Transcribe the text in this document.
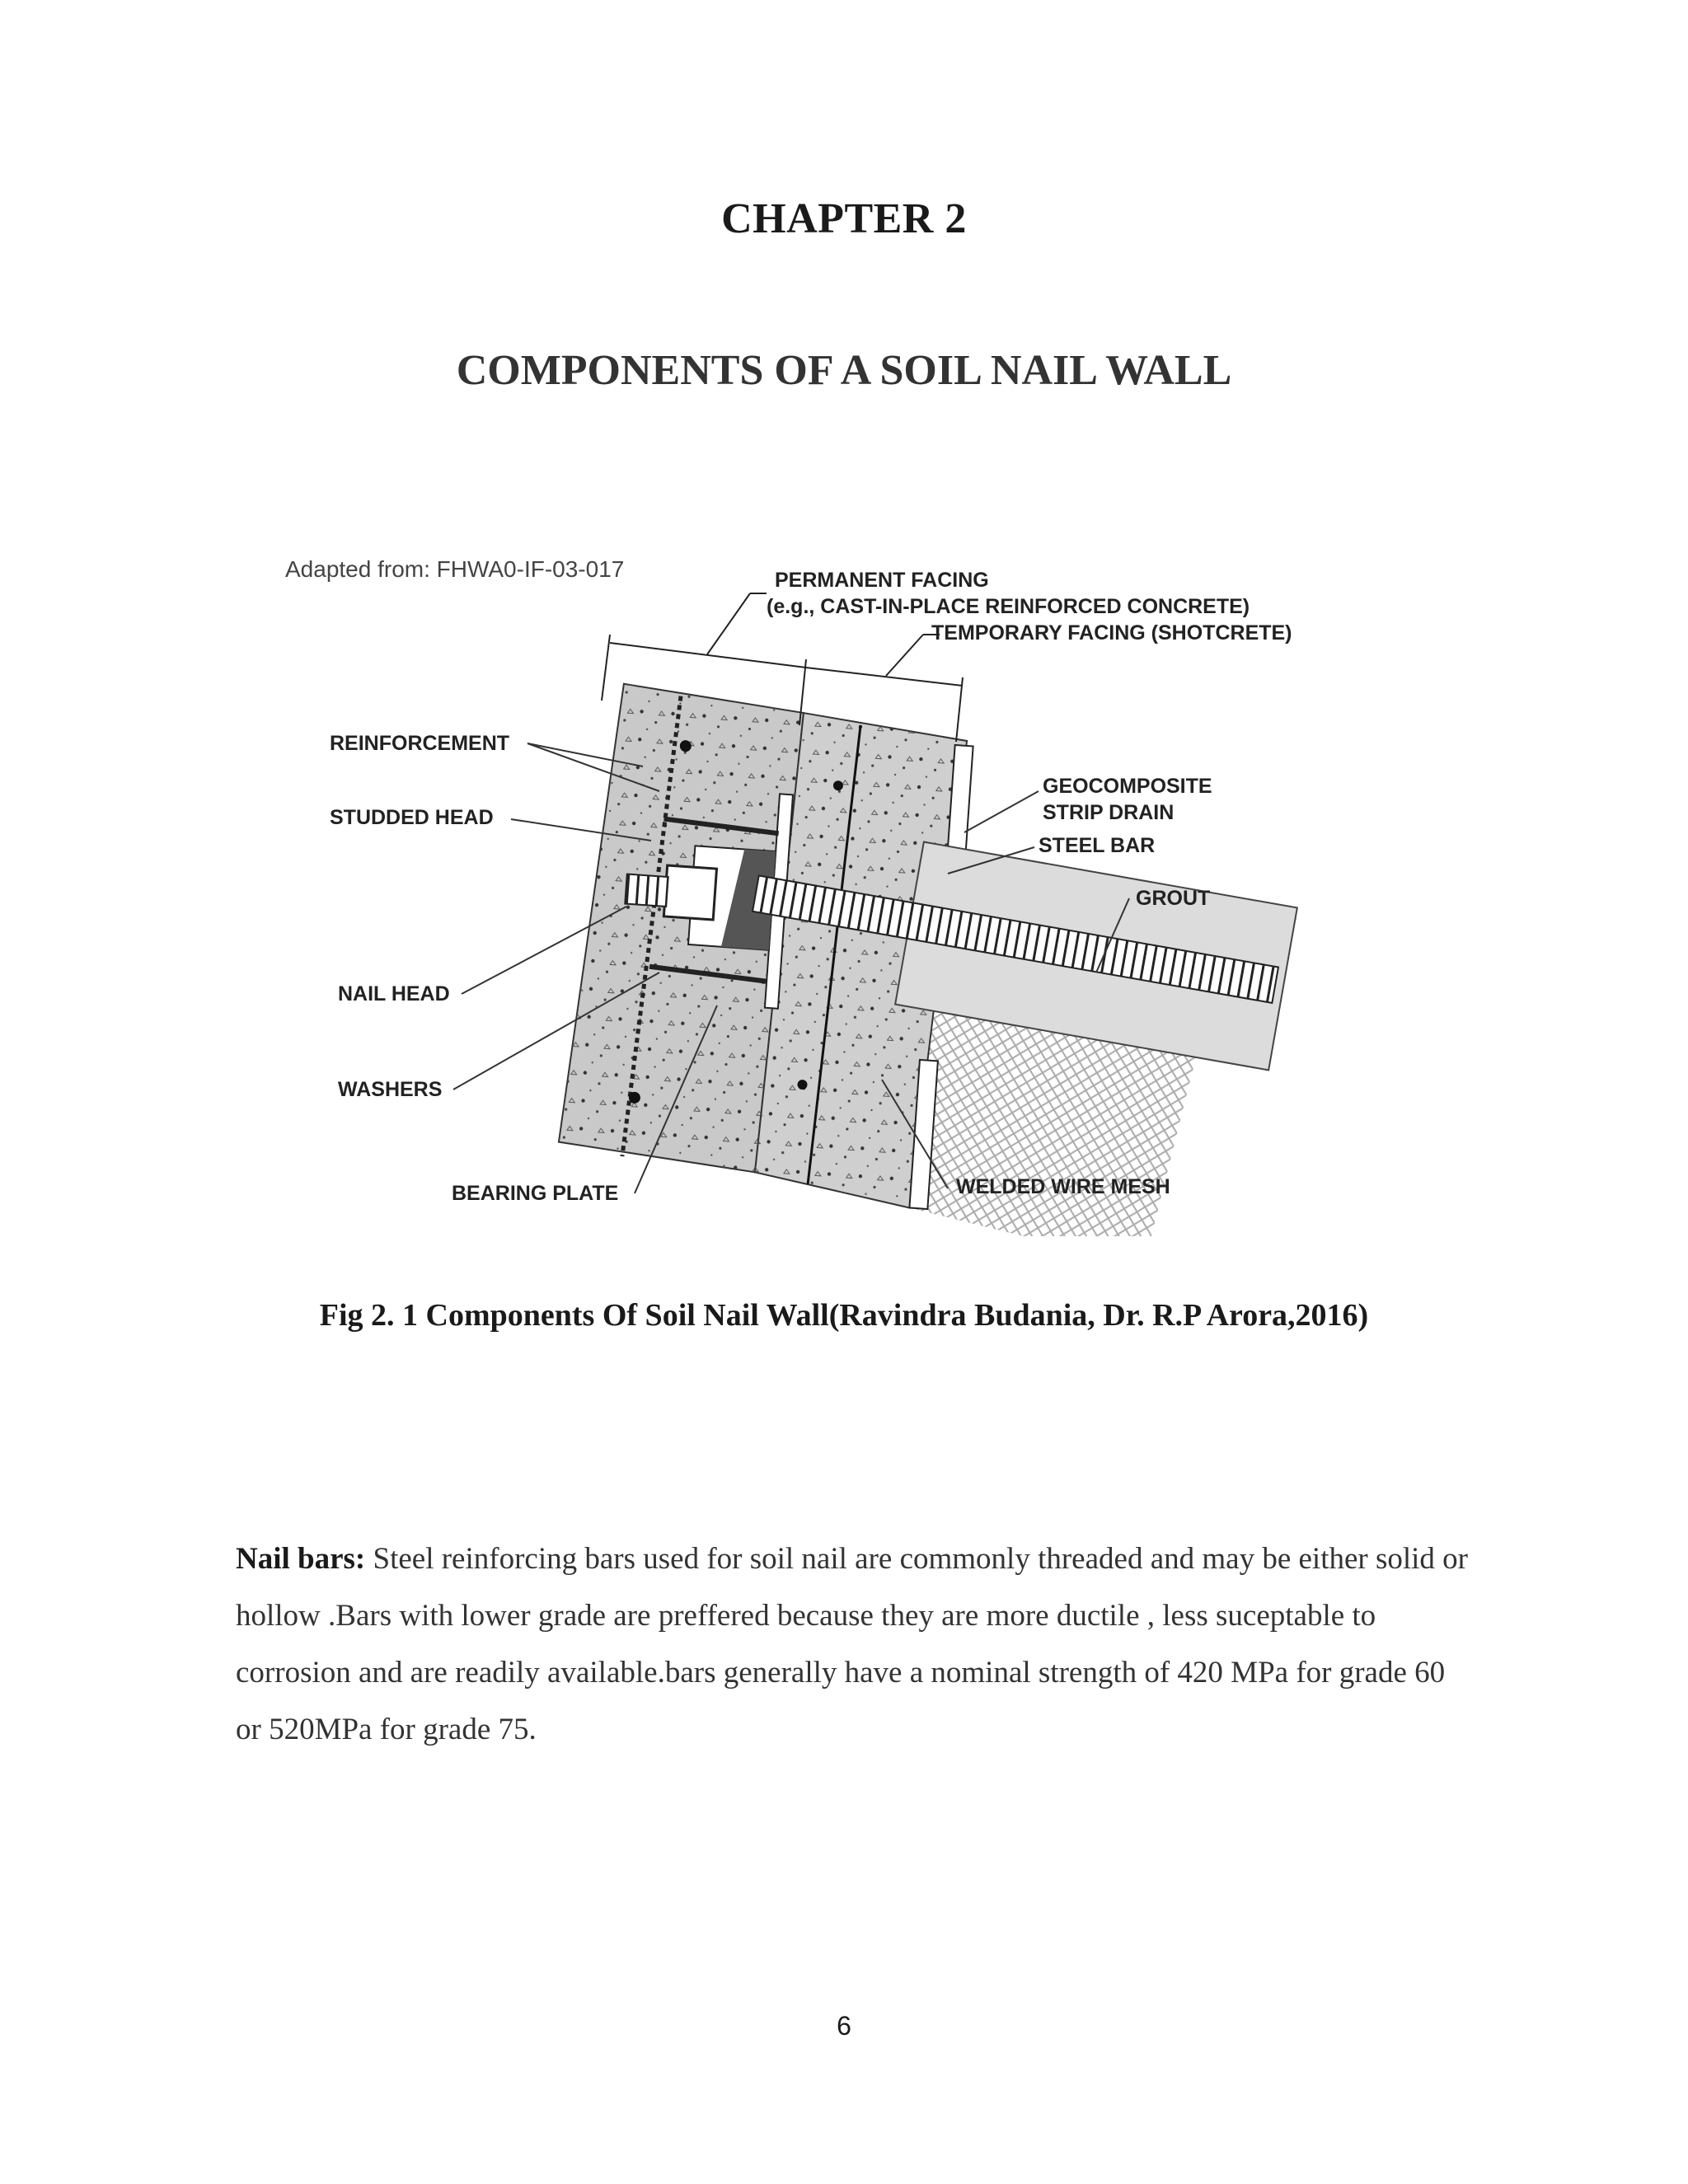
CHAPTER 2
COMPONENTS OF A SOIL NAIL WALL
Adapted from: FHWA0-IF-03-017	PERMANENT FACING
(e.g., CAST-IN-PLACE REINFORCED CONCRETE)
TEMPORARY FACING (SHOTCRETE)
REINFORCEMENT
STUDDED HEAD
NAIL HEAD
WASHERS
BEARING PLATE
GEOCOMPOSITE
STRIP DRAIN
STEEL BAR
GROUT
WELDED WIRE MESH
Fig 2. 1 Components Of Soil Nail Wall(Ravindra Budania, Dr. R.P Arora,2016)

Nail bars: Steel reinforcing bars used for soil nail are commonly threaded and may be either solid or hollow .Bars with lower grade are preffered because they are more ductile , less suceptable to corrosion and are readily available.bars generally have a nominal strength of 420 MPa for grade 60 or 520MPa for grade 75.

6
